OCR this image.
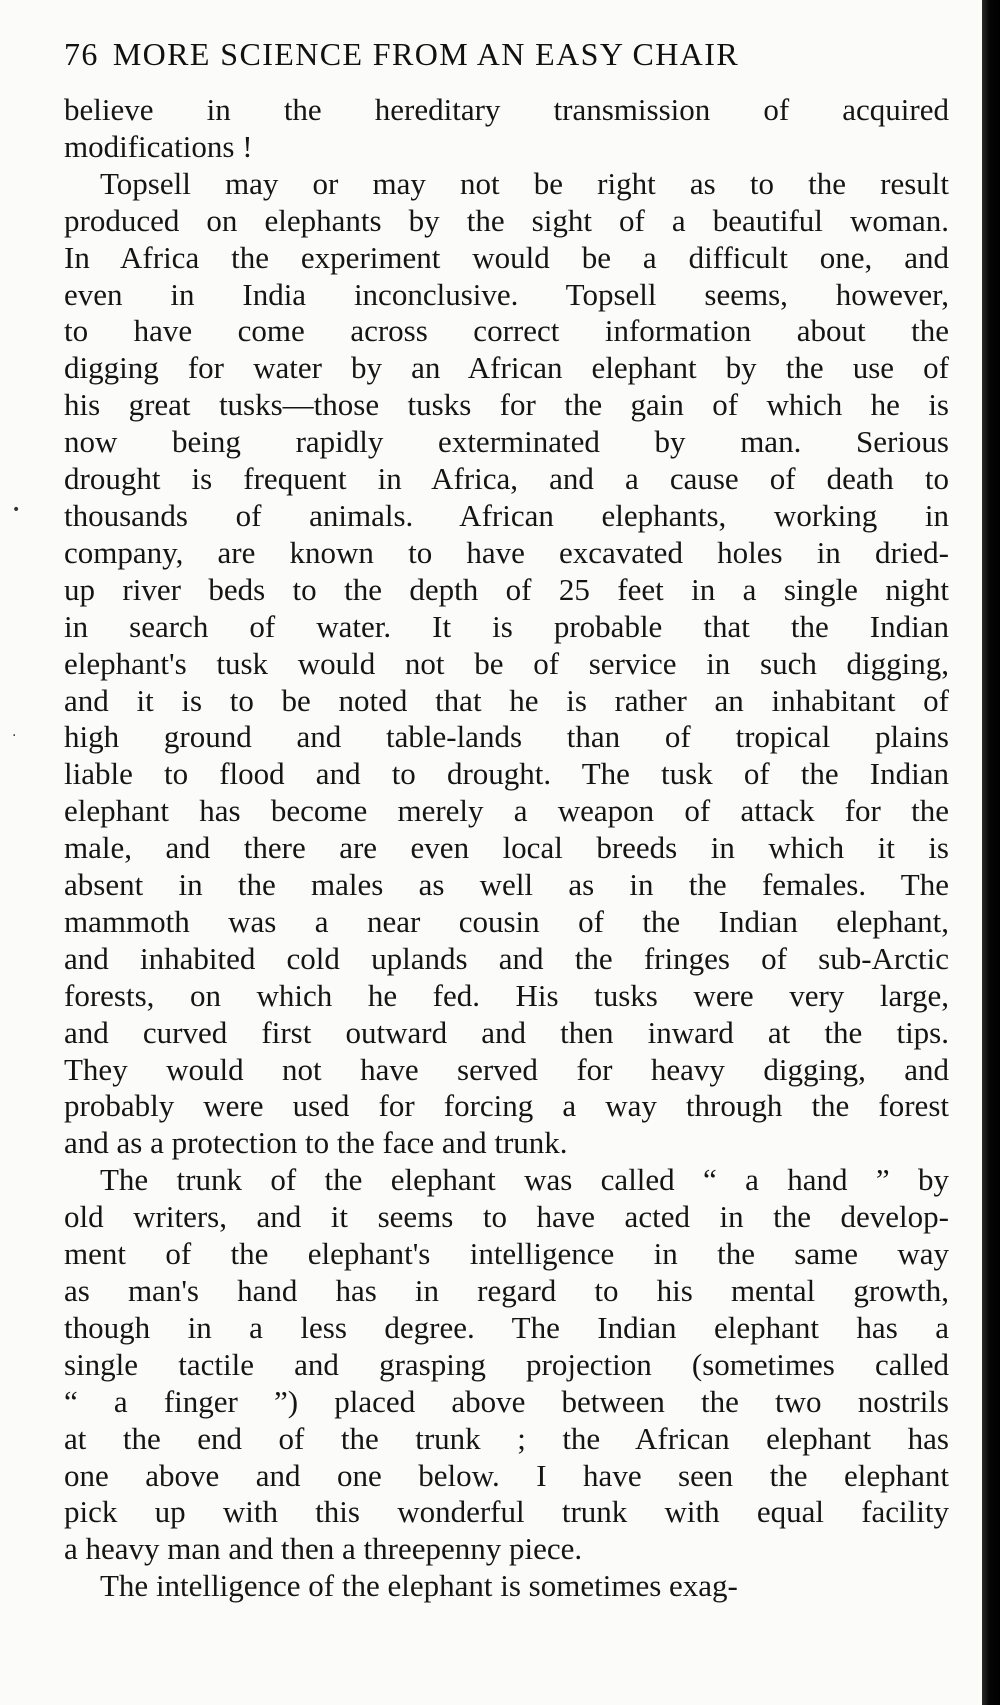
76 MORE SCIENCE FROM AN EASY CHAIR

believe in the hereditary transmission of acquired
modifications !

Topsell may or may not be right as to the result
produced on elephants by the sight of a beautiful woman.
In Africa the experiment would be a difficult one, and
even in India inconclusive. Topsell seems, however,
to have come across correct information about the
digging for water by an African elephant by the use of
his great tusks—those tusks for the gain of which he is
now being rapidly exterminated by man. Serious
drought is frequent in Africa, and a cause of death to
thousands of animals. African elephants, working in
company, are known to have excavated holes in dried-
up river beds to the depth of 25 feet in a single night
in search of water. It is probable that the Indian
elephant's tusk would not be of service in such digging,
and it is to be noted that he is rather an inhabitant of
high ground and table-lands than of tropical plains
liable to flood and to drought. The tusk of the Indian
elephant has become merely a weapon of attack for the
male, and there are even local breeds in which it is
absent in the males as well as in the females. The
mammoth was a near cousin of the Indian elephant,
and inhabited cold uplands and the fringes of sub-Arctic
forests, on which he fed. His tusks were very large,
and curved first outward and then inward at the tips.
They would not have served for heavy digging, and
probably were used for forcing a way through the forest
and as a protection to the face and trunk.

The trunk of the elephant was called “ a hand ” by
old writers, and it seems to have acted in the develop-
ment of the elephant's intelligence in the same way
as man's hand has in regard to his mental growth,
though in a less degree. The Indian elephant has a
single tactile and grasping projection (sometimes called
“ a finger ”) placed above between the two nostrils
at the end of the trunk ; the African elephant has
one above and one below. I have seen the elephant
pick up with this wonderful trunk with equal facility
a heavy man and then a threepenny piece.

The intelligence of the elephant is sometimes exag-

•
·
